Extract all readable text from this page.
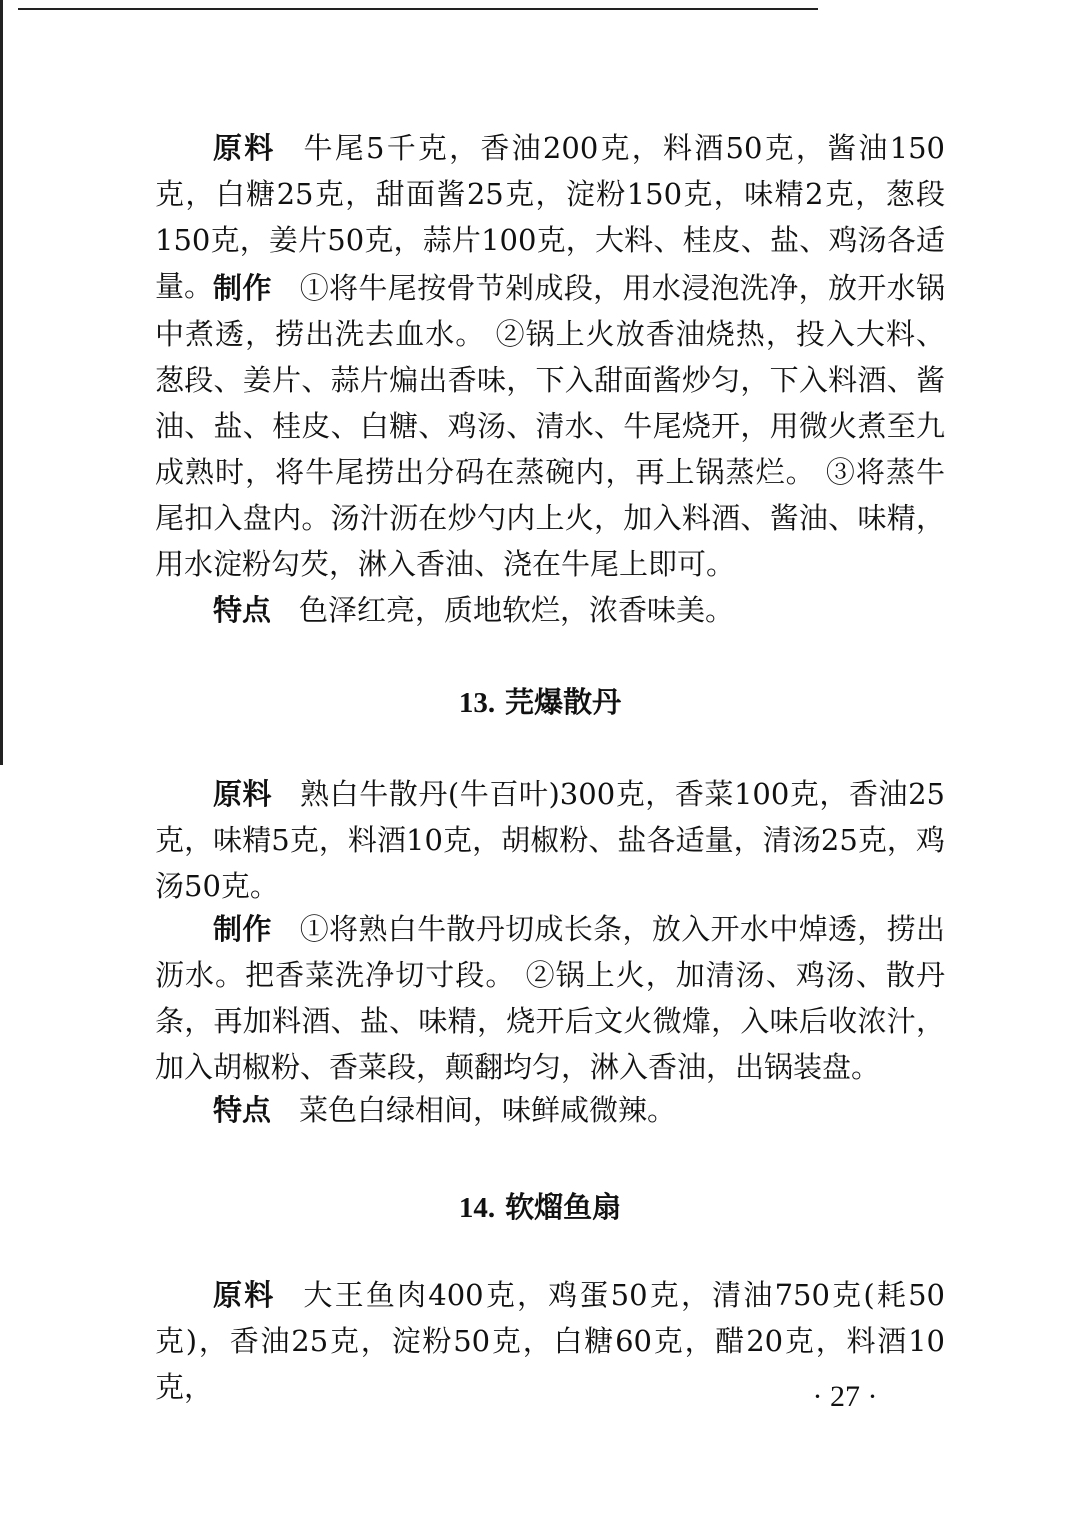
原料 牛尾5千克，香油200克，料酒50克，酱油150克，白糖25克，甜面酱25克，淀粉150克，味精2克，葱段150克，姜片50克，蒜片100克，大料、桂皮、盐、鸡汤各适量。 制作 ①将牛尾按骨节剁成段，用水浸泡洗净，放开水锅中煮透，捞出洗去血水。 ②锅上火放香油烧热，投入大料、葱段、姜片、蒜片煸出香味，下入甜面酱炒匀，下入料酒、酱油、盐、桂皮、白糖、鸡汤、清水、牛尾烧开，用微火煮至九成熟时，将牛尾捞出分码在蒸碗内，再上锅蒸烂。 ③将蒸牛尾扣入盘内。汤汁沥在炒勺内上火，加入料酒、酱油、味精，用水淀粉勾芡，淋入香油、浇在牛尾上即可。

特点 色泽红亮，质地软烂，浓香味美。

13. 芫爆散丹

原料 熟白牛散丹(牛百叶)300克，香菜100克，香油25克，味精5克，料酒10克，胡椒粉、盐各适量，清汤25克，鸡汤50克。

制作 ①将熟白牛散丹切成长条，放入开水中焯透，捞出沥水。把香菜洗净切寸段。 ②锅上火，加清汤、鸡汤、散丹条，再加料酒、盐、味精，烧开后文火微㸆，入味后收浓汁，加入胡椒粉、香菜段，颠翻均匀，淋入香油，出锅装盘。

特点 菜色白绿相间，味鲜咸微辣。

14. 软熘鱼扇

原料 大王鱼肉400克，鸡蛋50克，清油750克(耗50克)，香油25克，淀粉50克，白糖60克，醋20克，料酒10克，	· 27 ·
